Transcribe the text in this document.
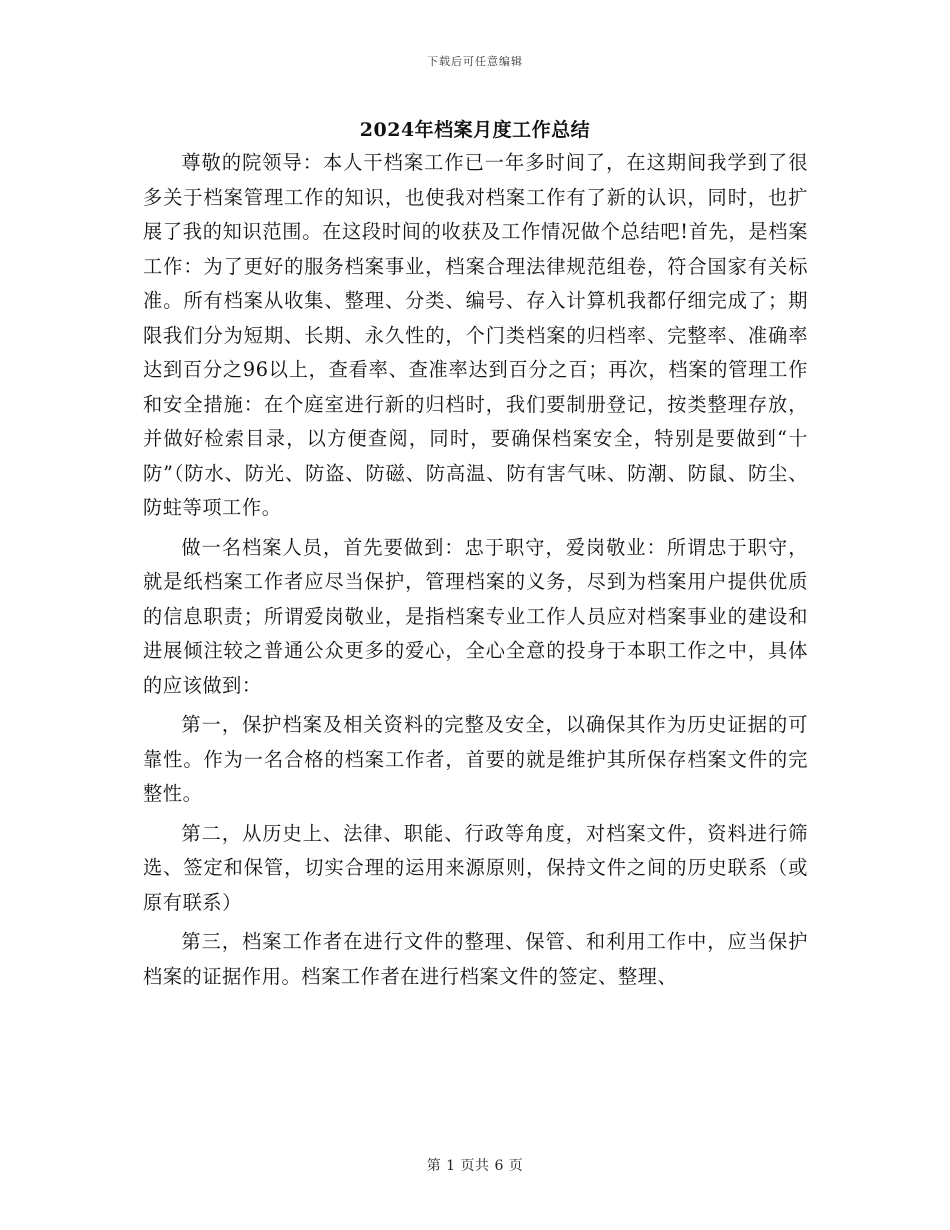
下载后可任意编辑
2024年档案月度工作总结

尊敬的院领导：本人干档案工作已一年多时间了，在这期间我学到了很多关于档案管理工作的知识，也使我对档案工作有了新的认识，同时，也扩展了我的知识范围。在这段时间的收获及工作情况做个总结吧!首先，是档案工作：为了更好的服务档案事业，档案合理法律规范组卷，符合国家有关标准。所有档案从收集、整理、分类、编号、存入计算机我都仔细完成了；期限我们分为短期、长期、永久性的，个门类档案的归档率、完整率、准确率达到百分之96以上，查看率、查准率达到百分之百；再次，档案的管理工作和安全措施：在个庭室进行新的归档时，我们要制册登记，按类整理存放，并做好检索目录，以方便查阅，同时，要确保档案安全，特别是要做到“十防”（防水、防光、防盗、防磁、防高温、防有害气味、防潮、防鼠、防尘、防蛀等项工作。

做一名档案人员，首先要做到：忠于职守，爱岗敬业：所谓忠于职守，就是纸档案工作者应尽当保护，管理档案的义务，尽到为档案用户提供优质的信息职责；所谓爱岗敬业，是指档案专业工作人员应对档案事业的建设和进展倾注较之普通公众更多的爱心，全心全意的投身于本职工作之中，具体的应该做到：

第一，保护档案及相关资料的完整及安全，以确保其作为历史证据的可靠性。作为一名合格的档案工作者，首要的就是维护其所保存档案文件的完整性。

第二，从历史上、法律、职能、行政等角度，对档案文件，资料进行筛选、签定和保管，切实合理的运用来源原则，保持文件之间的历史联系（或原有联系）

第三，档案工作者在进行文件的整理、保管、和利用工作中，应当保护档案的证据作用。档案工作者在进行档案文件的签定、整理、

第 1 页共 6 页
